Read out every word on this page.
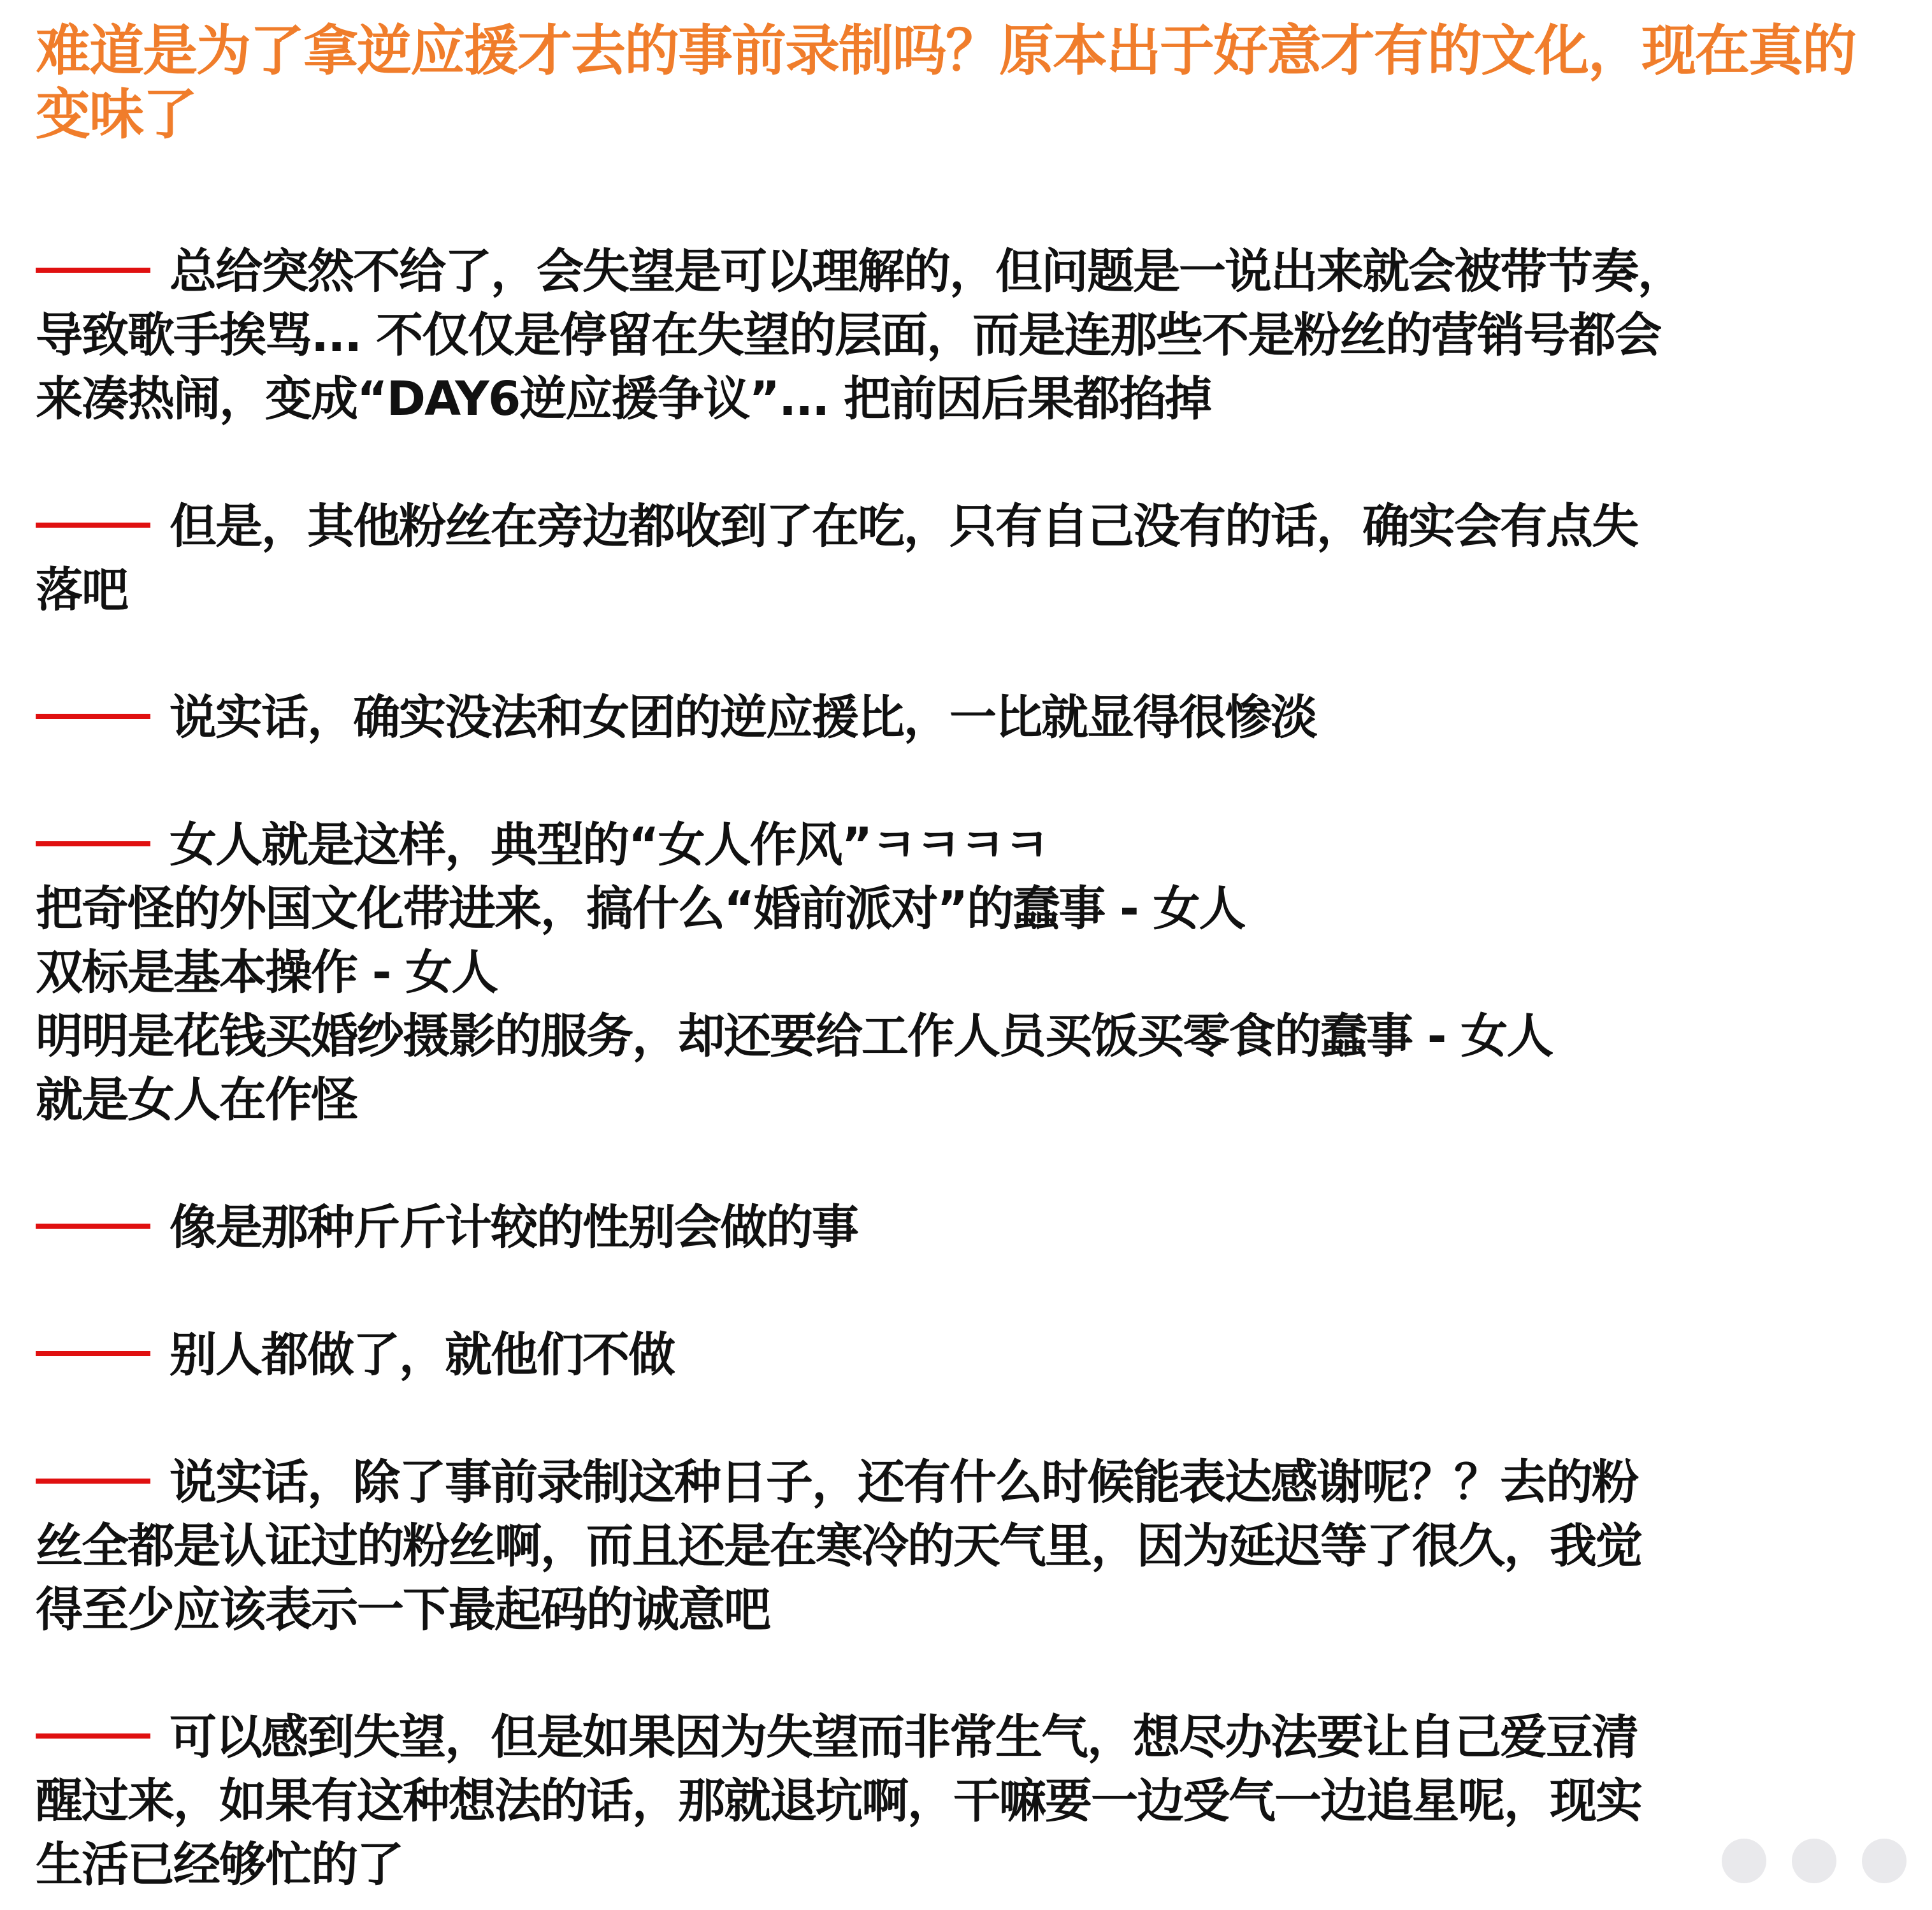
难道是为了拿逆应援才去的事前录制吗？原本出于好意才有的文化，现在真的变味了
总给突然不给了，会失望是可以理解的，但问题是一说出来就会被带节奏，
导致歌手挨骂... 不仅仅是停留在失望的层面，而是连那些不是粉丝的营销号都会
来凑热闹，变成“DAY6逆应援争议”... 把前因后果都掐掉
但是，其他粉丝在旁边都收到了在吃，只有自己没有的话，确实会有点失
落吧
说实话，确实没法和女团的逆应援比，一比就显得很惨淡
女人就是这样，典型的“女人作风”ㅋㅋㅋㅋ
把奇怪的外国文化带进来，搞什么“婚前派对”的蠢事 - 女人
双标是基本操作 - 女人
明明是花钱买婚纱摄影的服务，却还要给工作人员买饭买零食的蠢事 - 女人
就是女人在作怪
像是那种斤斤计较的性别会做的事
别人都做了，就他们不做
说实话，除了事前录制这种日子，还有什么时候能表达感谢呢？？去的粉
丝全都是认证过的粉丝啊，而且还是在寒冷的天气里，因为延迟等了很久，我觉
得至少应该表示一下最起码的诚意吧
可以感到失望，但是如果因为失望而非常生气，想尽办法要让自己爱豆清
醒过来，如果有这种想法的话，那就退坑啊，干嘛要一边受气一边追星呢，现实
生活已经够忙的了
